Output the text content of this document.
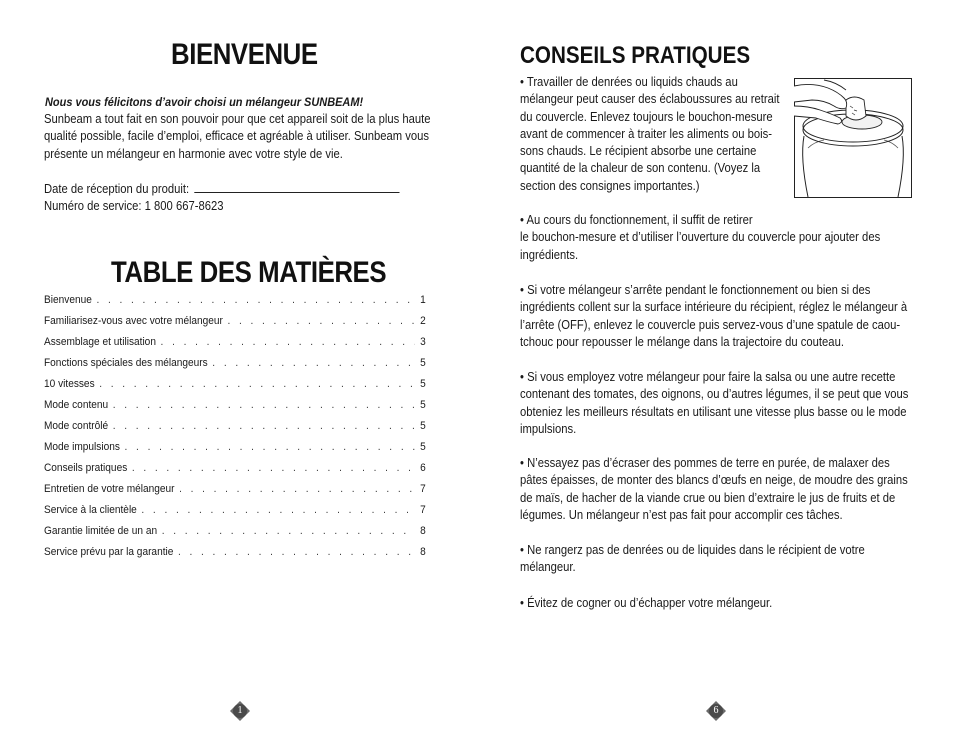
BIENVENUE
Nous vous félicitons d’avoir choisi un mélangeur SUNBEAM!
Sunbeam a tout fait en son pouvoir pour que cet appareil soit de la plus haute
qualité possible, facile d’emploi, efficace et agréable à utiliser. Sunbeam vous
présente un mélangeur en harmonie avec votre style de vie.
Date de réception du produit:
Numéro de service: 1 800 667-8623
TABLE DES MATIÈRES
Bienvenue . . .	1
Familiarisez-vous avec votre mélangeur . . .	2
Assemblage et utilisation . . .	3
Fonctions spéciales des mélangeurs . . .	5
10 vitesses . . .	5
Mode contenu . . .	5
Mode contrôlé . . .	5
Mode impulsions . . .	5
Conseils pratiques . . .	6
Entretien de votre mélangeur . . .	7
Service à la clientèle . . .	7
Garantie limitée de un an . . .	8
Service prévu par la garantie . . .	8
1
CONSEILS PRATIQUES
• Travailler de denrées ou liquids chauds au
mélangeur peut causer des éclaboussures au retrait
du couvercle. Enlevez toujours le bouchon-mesure
avant de commencer à traiter les aliments ou bois-
sons chauds. Le récipient absorbe une certaine
quantité de la chaleur de son contenu. (Voyez la
section des consignes importantes.)
• Au cours du fonctionnement, il suffit de retirer
le bouchon-mesure et d’utiliser l’ouverture du couvercle pour ajouter des
ingrédients.
• Si votre mélangeur s’arrête pendant le fonctionnement ou bien si des
ingrédients collent sur la surface intérieure du récipient, réglez le mélangeur à
l’arrête (OFF), enlevez le couvercle puis servez-vous d’une spatule de caou-
tchouc pour repousser le mélange dans la trajectoire du couteau.
• Si vous employez votre mélangeur pour faire la salsa ou une autre recette
contenant des tomates, des oignons, ou d’autres légumes, il se peut que vous
obteniez les meilleurs résultats en utilisant une vitesse plus basse ou le mode
impulsions.
• N’essayez pas d’écraser des pommes de terre en purée, de malaxer des
pâtes épaisses, de monter des blancs d’œufs en neige, de moudre des grains
de maïs, de hacher de la viande crue ou bien d’extraire le jus de fruits et de
légumes. Un mélangeur n’est pas fait pour accomplir ces tâches.
• Ne rangerz pas de denrées ou de liquides dans le récipient de votre
mélangeur.
• Évitez de cogner ou d’échapper votre mélangeur.
6
